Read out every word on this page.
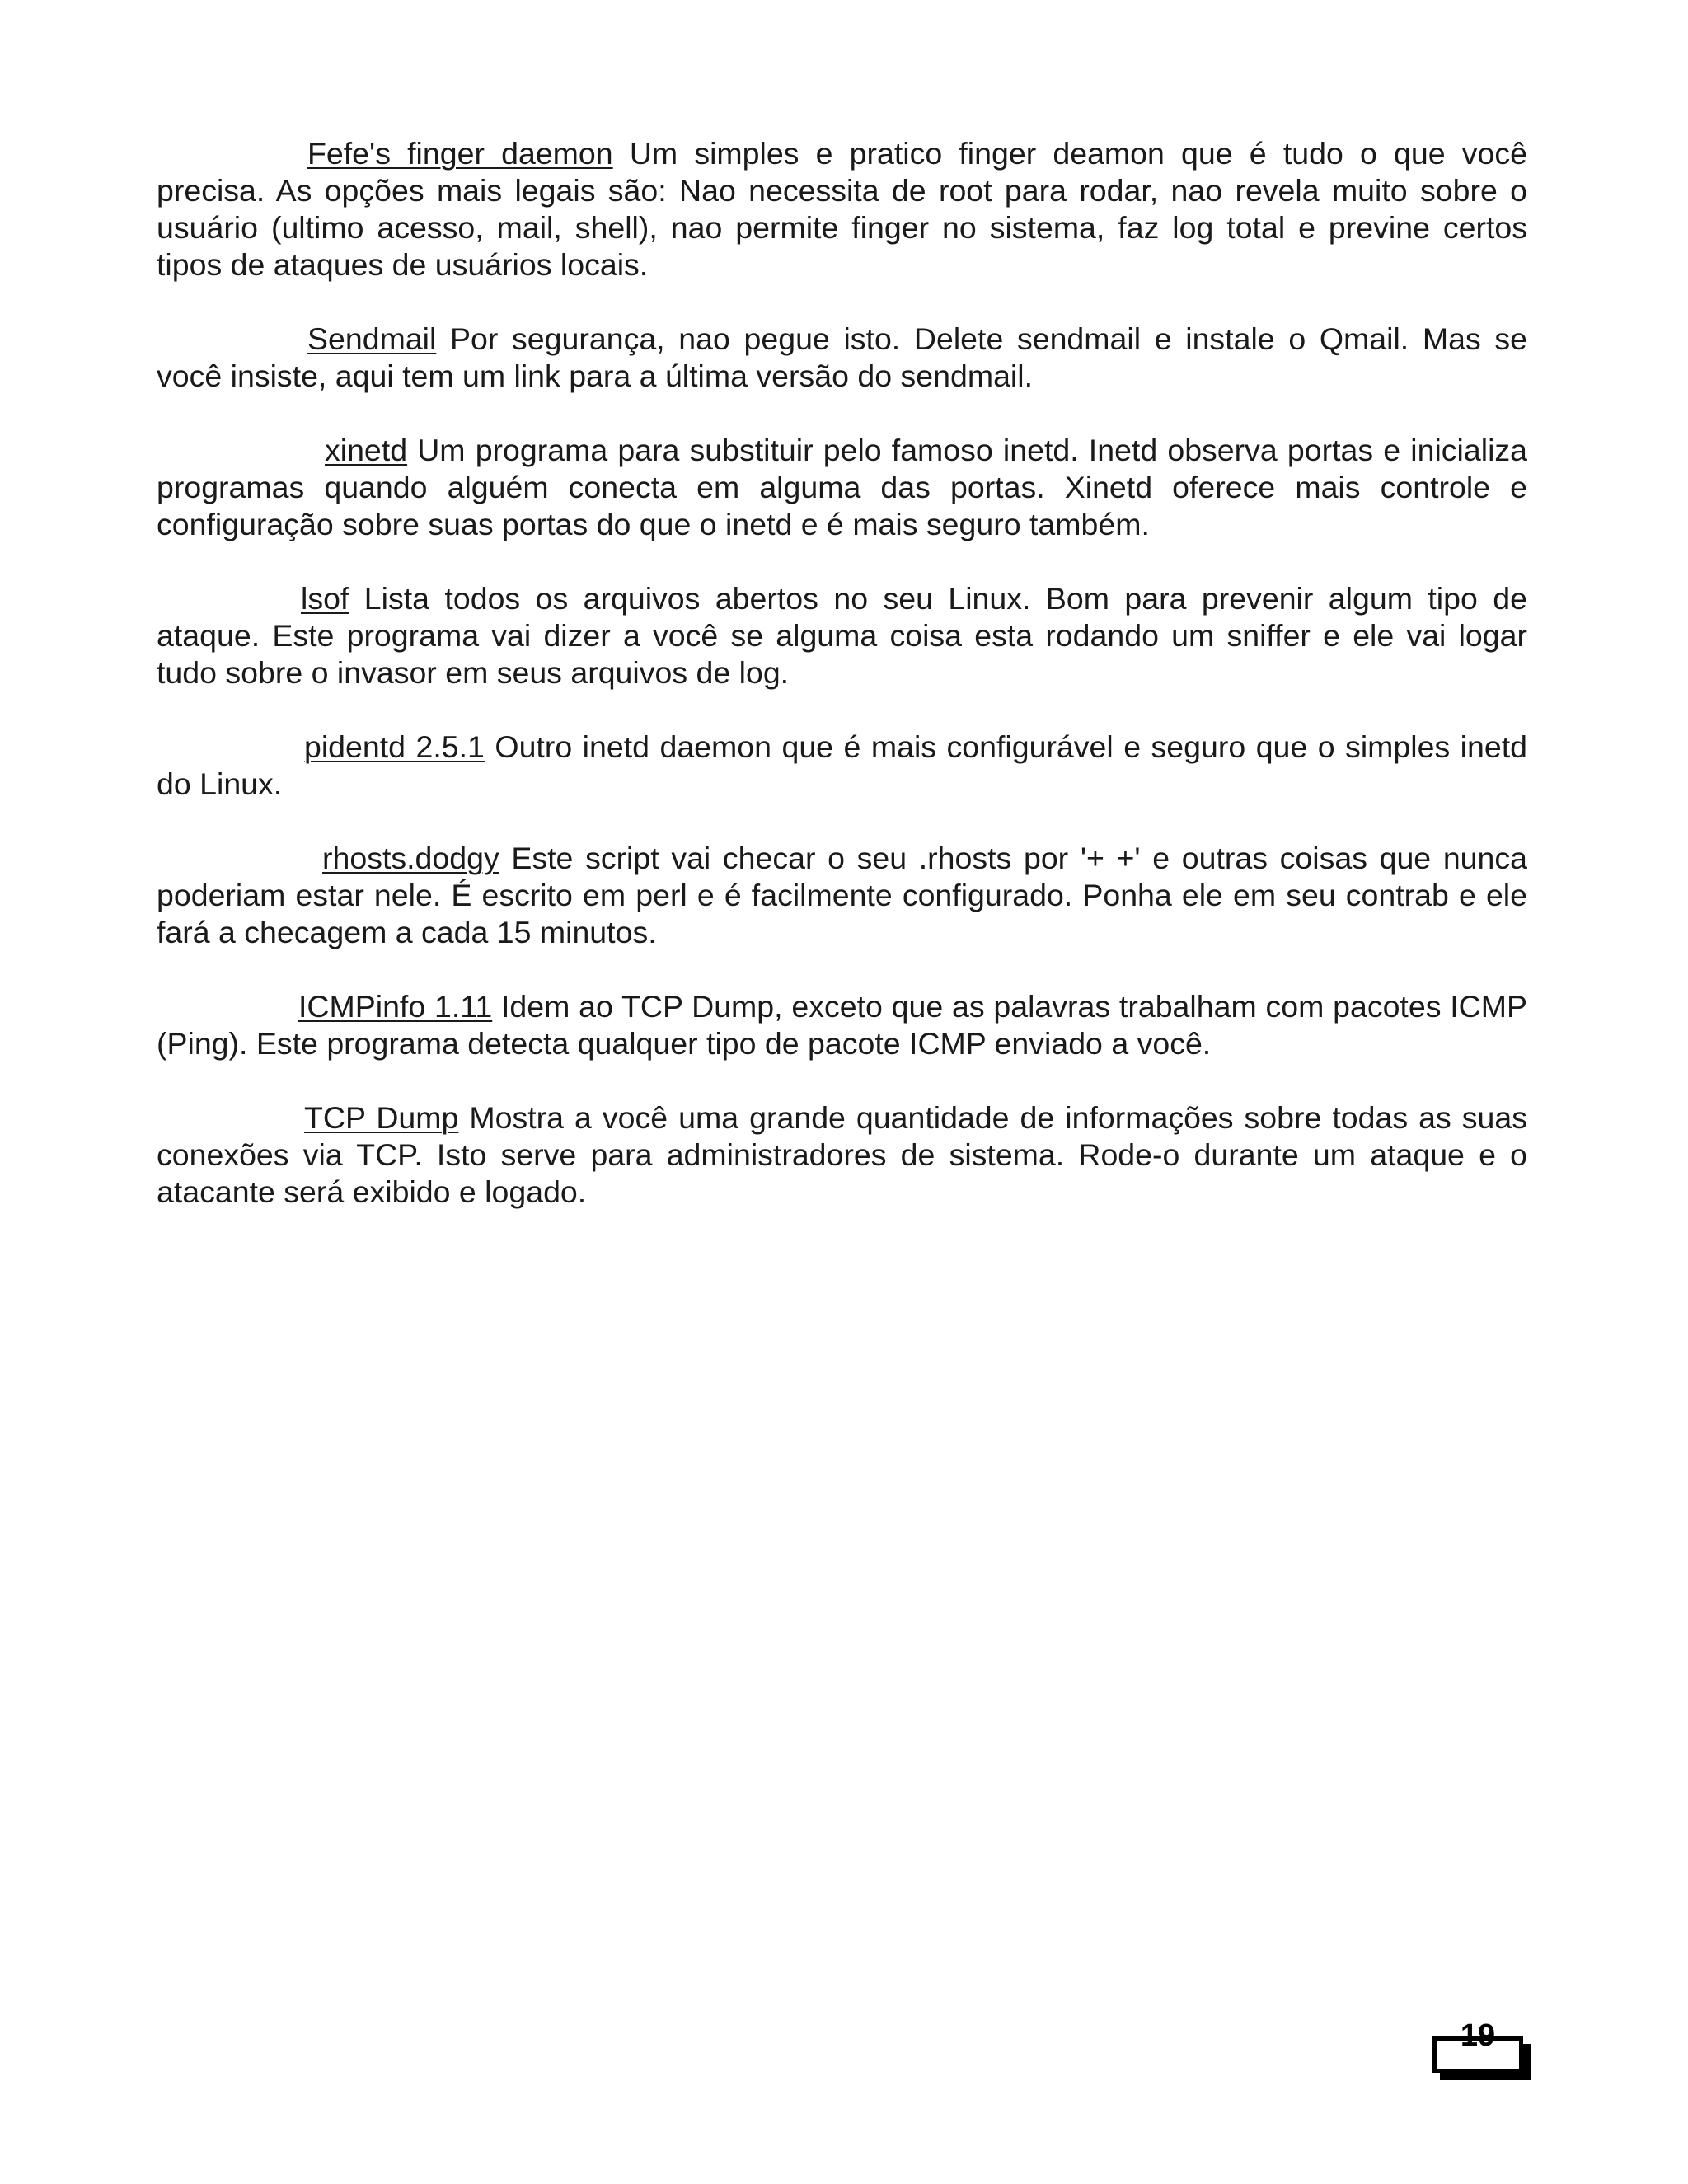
Fefe's finger daemon Um simples e pratico finger deamon que é tudo o que você precisa. As opções mais legais são: Nao necessita de root para rodar, nao revela muito sobre o usuário (ultimo acesso, mail, shell), nao permite finger no sistema, faz log total e previne certos tipos de ataques de usuários locais.

Sendmail Por segurança, nao pegue isto. Delete sendmail e instale o Qmail. Mas se você insiste, aqui tem um link para a última versão do sendmail.

xinetd Um programa para substituir pelo famoso inetd. Inetd observa portas e inicializa programas quando alguém conecta em alguma das portas. Xinetd oferece mais controle e configuração sobre suas portas do que o inetd e é mais seguro também.

lsof Lista todos os arquivos abertos no seu Linux. Bom para prevenir algum tipo de ataque. Este programa vai dizer a você se alguma coisa esta rodando um sniffer e ele vai logar tudo sobre o invasor em seus arquivos de log.

pidentd 2.5.1 Outro inetd daemon que é mais configurável e seguro que o simples inetd do Linux.

rhosts.dodgy Este script vai checar o seu .rhosts por '+ +' e outras coisas que nunca poderiam estar nele. É escrito em perl e é facilmente configurado. Ponha ele em seu contrab e ele fará a checagem a cada 15 minutos.

ICMPinfo 1.11 Idem ao TCP Dump, exceto que as palavras trabalham com pacotes ICMP (Ping). Este programa detecta qualquer tipo de pacote ICMP enviado a você.

TCP Dump Mostra a você uma grande quantidade de informações sobre todas as suas conexões via TCP. Isto serve para administradores de sistema. Rode-o durante um ataque e o atacante será exibido e logado.

19
